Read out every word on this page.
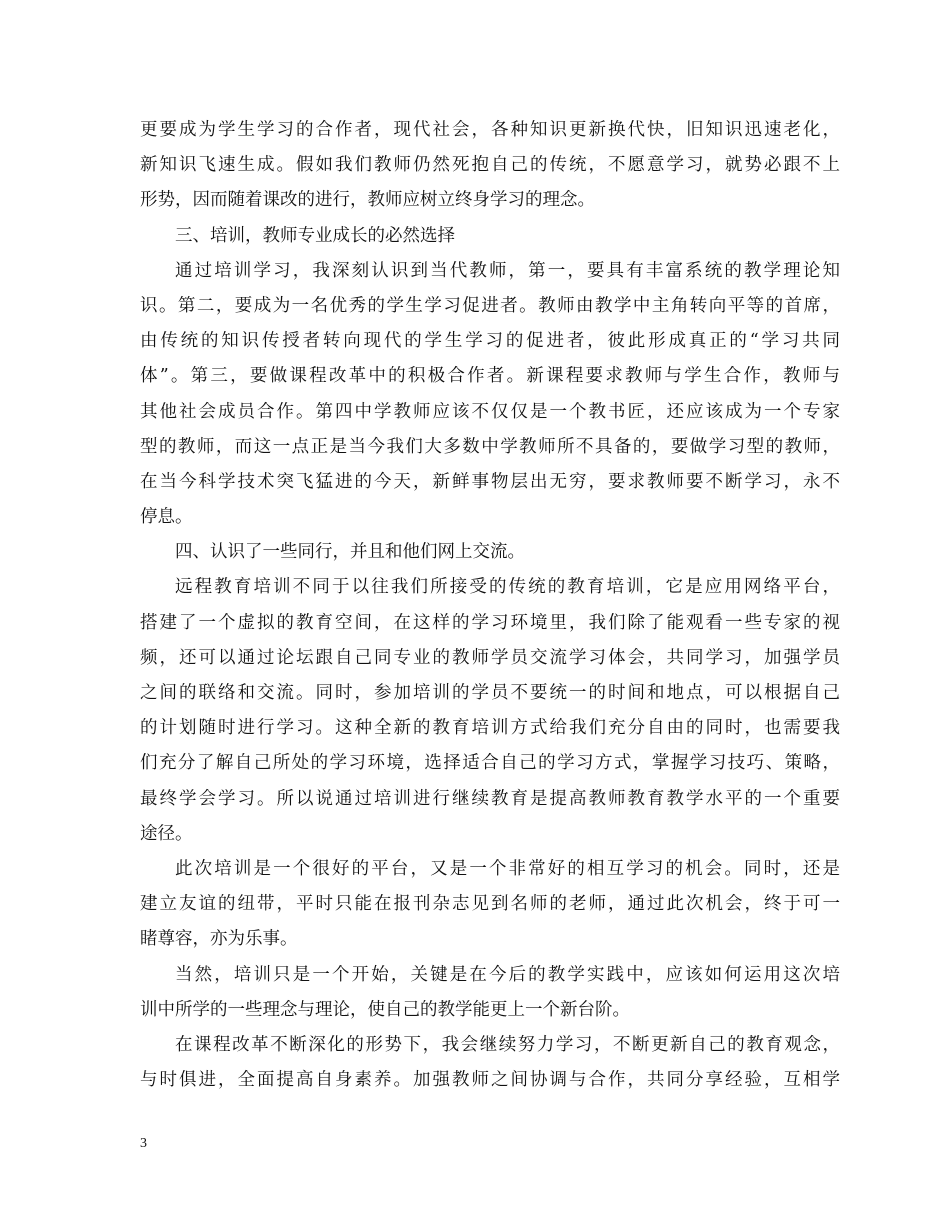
更要成为学生学习的合作者，现代社会，各种知识更新换代快，旧知识迅速老化，
新知识飞速生成。假如我们教师仍然死抱自己的传统，不愿意学习，就势必跟不上
形势，因而随着课改的进行，教师应树立终身学习的理念。
三、培训，教师专业成长的必然选择
通过培训学习，我深刻认识到当代教师，第一，要具有丰富系统的教学理论知
识。第二，要成为一名优秀的学生学习促进者。教师由教学中主角转向平等的首席，
由传统的知识传授者转向现代的学生学习的促进者，彼此形成真正的“学习共同
体”。第三，要做课程改革中的积极合作者。新课程要求教师与学生合作，教师与
其他社会成员合作。第四中学教师应该不仅仅是一个教书匠，还应该成为一个专家
型的教师，而这一点正是当今我们大多数中学教师所不具备的，要做学习型的教师，
在当今科学技术突飞猛进的今天，新鲜事物层出无穷，要求教师要不断学习，永不
停息。
四、认识了一些同行，并且和他们网上交流。
远程教育培训不同于以往我们所接受的传统的教育培训，它是应用网络平台，
搭建了一个虚拟的教育空间，在这样的学习环境里，我们除了能观看一些专家的视
频，还可以通过论坛跟自己同专业的教师学员交流学习体会，共同学习，加强学员
之间的联络和交流。同时，参加培训的学员不要统一的时间和地点，可以根据自己
的计划随时进行学习。这种全新的教育培训方式给我们充分自由的同时，也需要我
们充分了解自己所处的学习环境，选择适合自己的学习方式，掌握学习技巧、策略，
最终学会学习。所以说通过培训进行继续教育是提高教师教育教学水平的一个重要
途径。
此次培训是一个很好的平台，又是一个非常好的相互学习的机会。同时，还是
建立友谊的纽带，平时只能在报刊杂志见到名师的老师，通过此次机会，终于可一
睹尊容，亦为乐事。
当然，培训只是一个开始，关键是在今后的教学实践中，应该如何运用这次培
训中所学的一些理念与理论，使自己的教学能更上一个新台阶。
在课程改革不断深化的形势下，我会继续努力学习，不断更新自己的教育观念，
与时俱进，全面提高自身素养。加强教师之间协调与合作，共同分享经验，互相学
3
